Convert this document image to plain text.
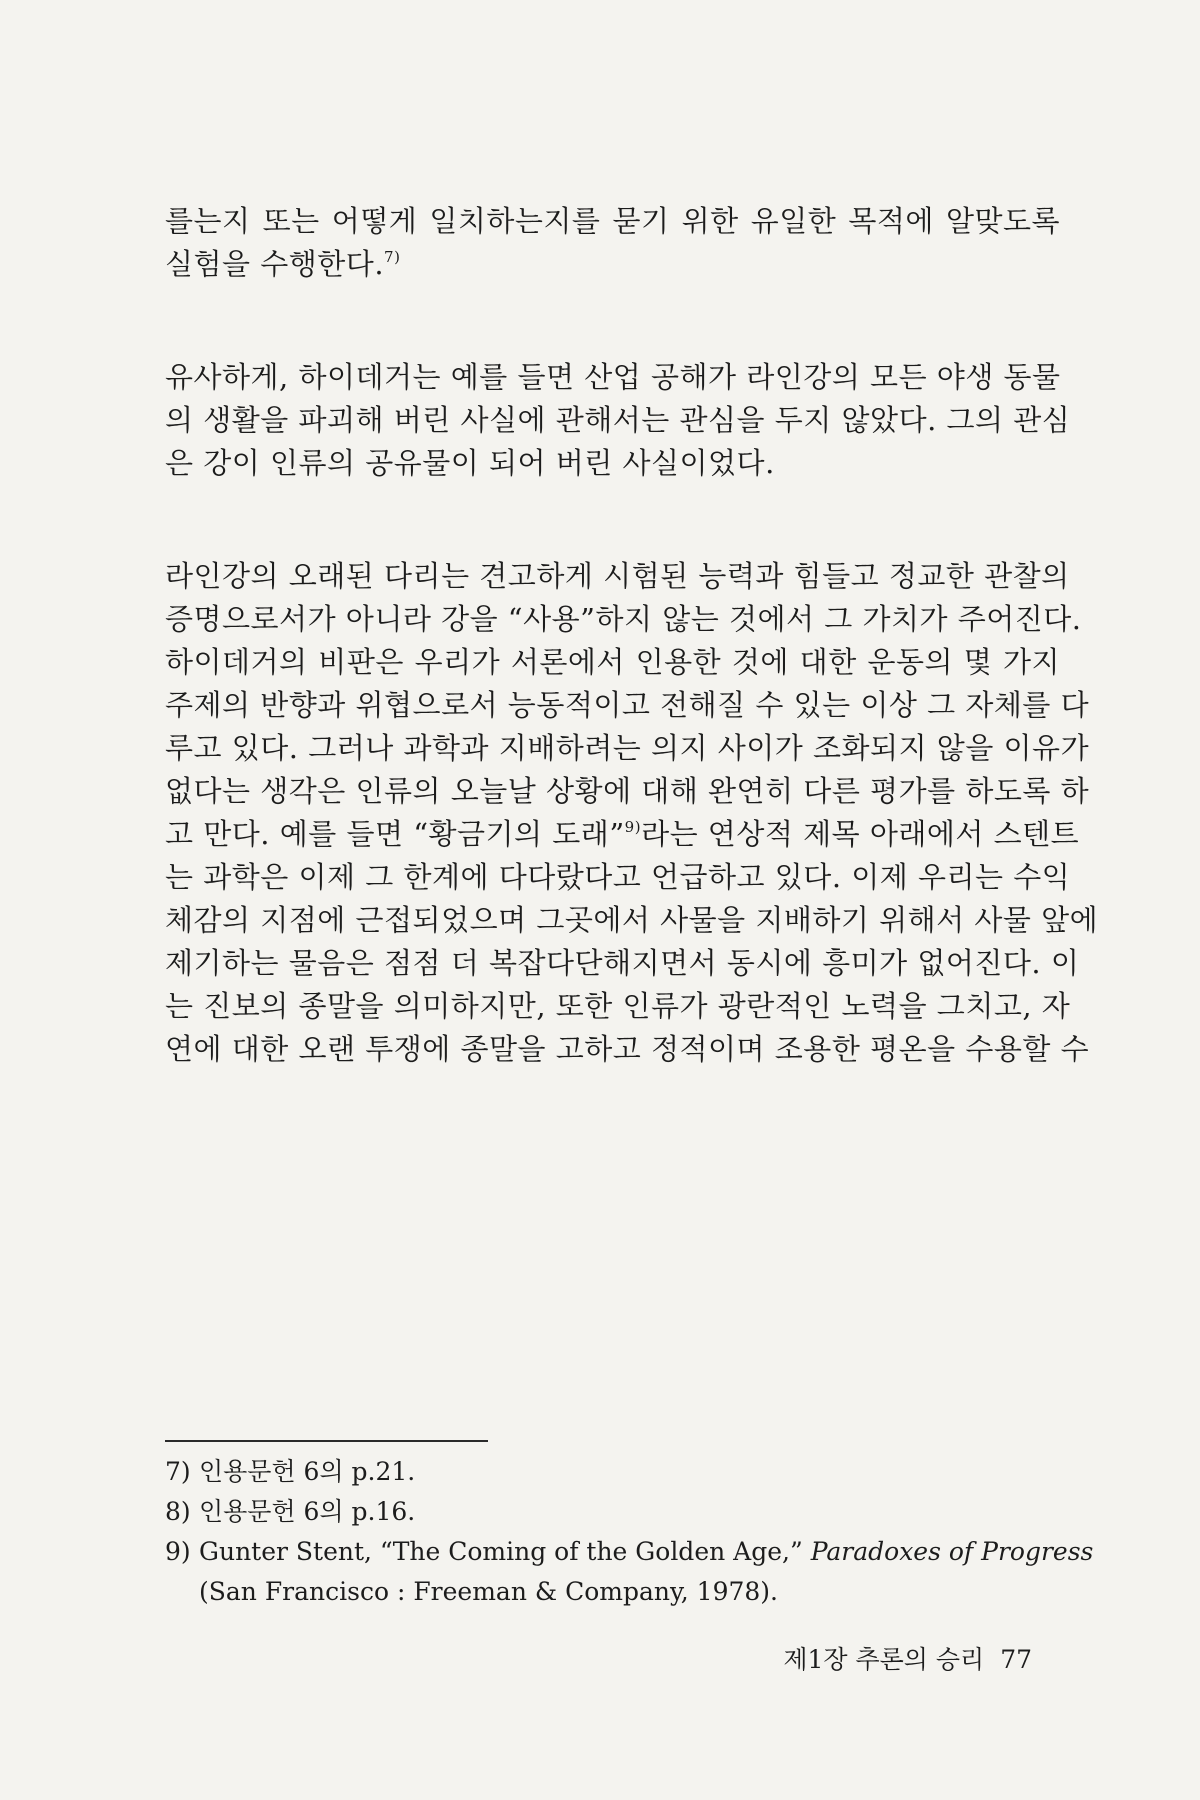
를는지 또는 어떻게 일치하는지를 묻기 위한 유일한 목적에 알맞도록
실험을 수행한다.$^{7)}$
유사하게, 하이데거는 예를 들면 산업 공해가 라인강의 모든 야생 동물
의 생활을 파괴해 버린 사실에 관해서는 관심을 두지 않았다. 그의 관심
은 강이 인류의 공유물이 되어 버린 사실이었다.
라인강의 오래된 다리는 견고하게 시험된 능력과 힘들고 정교한 관찰의
증명으로서가 아니라 강을 “사용”하지 않는 것에서 그 가치가 주어진다.
하이데거의 비판은 우리가 서론에서 인용한 것에 대한 운동의 몇 가지
주제의 반향과 위협으로서 능동적이고 전해질 수 있는 이상 그 자체를 다
루고 있다. 그러나 과학과 지배하려는 의지 사이가 조화되지 않을 이유가
없다는 생각은 인류의 오늘날 상황에 대해 완연히 다른 평가를 하도록 하
고 만다. 예를 들면 “황금기의 도래”$^{9)}$라는 연상적 제목 아래에서 스텐트
는 과학은 이제 그 한계에 다다랐다고 언급하고 있다. 이제 우리는 수익
체감의 지점에 근접되었으며 그곳에서 사물을 지배하기 위해서 사물 앞에
제기하는 물음은 점점 더 복잡다단해지면서 동시에 흥미가 없어진다. 이
는 진보의 종말을 의미하지만, 또한 인류가 광란적인 노력을 그치고, 자
연에 대한 오랜 투쟁에 종말을 고하고 정적이며 조용한 평온을 수용할 수
7) 인용문헌 6의 p.21.
8) 인용문헌 6의 p.16.
9) Gunter Stent, “The Coming of the Golden Age,” Paradoxes of Progress
(San Francisco : Freeman & Company, 1978).
제1장 추론의 승리 77
